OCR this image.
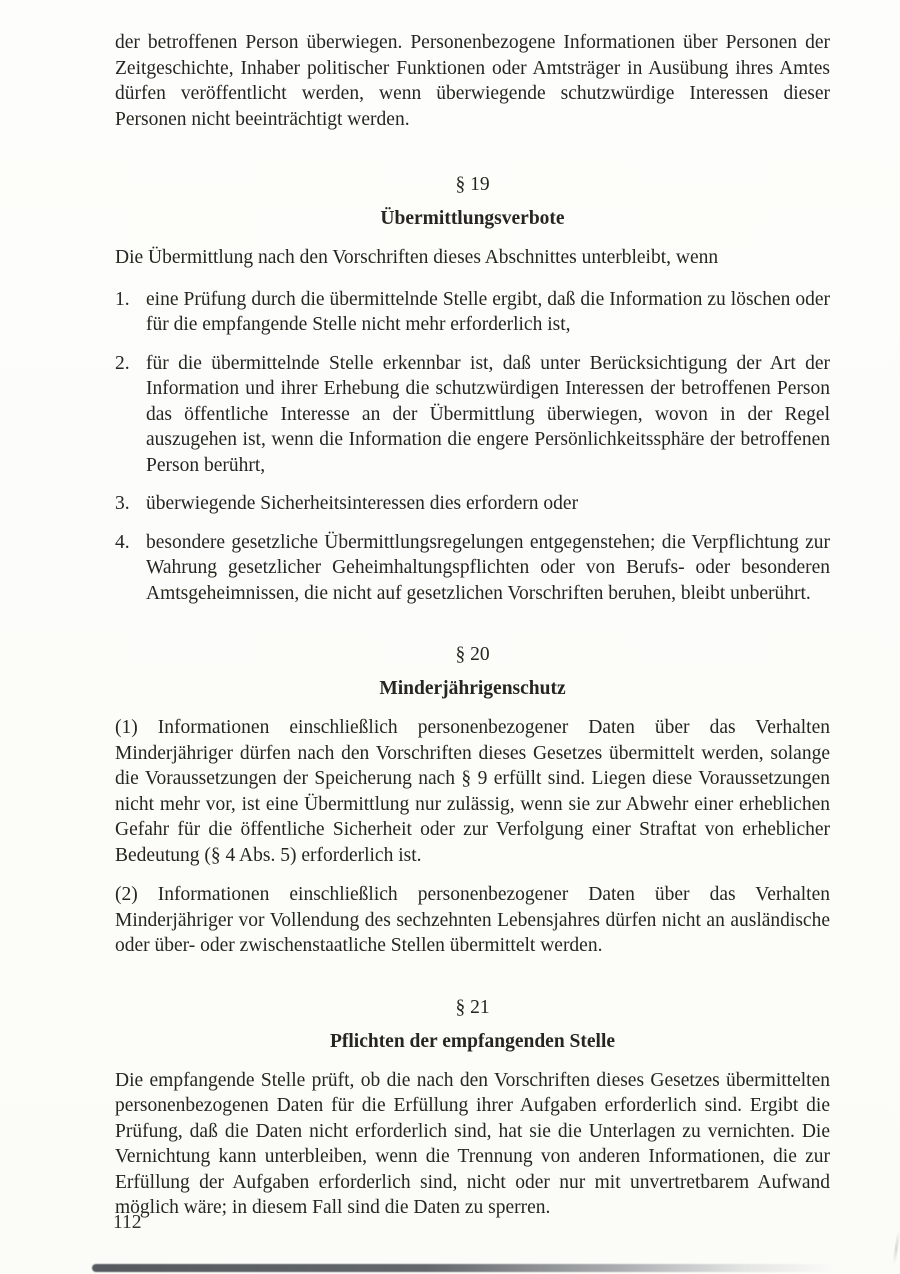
der betroffenen Person überwiegen. Personenbezogene Informationen über Personen der Zeitgeschichte, Inhaber politischer Funktionen oder Amtsträger in Ausübung ihres Amtes dürfen veröffentlicht werden, wenn überwiegende schutzwürdige Interessen dieser Personen nicht beeinträchtigt werden.

§ 19
Übermittlungsverbote

Die Übermittlung nach den Vorschriften dieses Abschnittes unterbleibt, wenn

1. eine Prüfung durch die übermittelnde Stelle ergibt, daß die Information zu löschen oder für die empfangende Stelle nicht mehr erforderlich ist,
2. für die übermittelnde Stelle erkennbar ist, daß unter Berücksichtigung der Art der Information und ihrer Erhebung die schutzwürdigen Interessen der betroffenen Person das öffentliche Interesse an der Übermittlung überwiegen, wovon in der Regel auszugehen ist, wenn die Information die engere Persönlichkeitssphäre der betroffenen Person berührt,
3. überwiegende Sicherheitsinteressen dies erfordern oder
4. besondere gesetzliche Übermittlungsregelungen entgegenstehen; die Verpflichtung zur Wahrung gesetzlicher Geheimhaltungspflichten oder von Berufs- oder besonderen Amtsgeheimnissen, die nicht auf gesetzlichen Vorschriften beruhen, bleibt unberührt.
§ 20
Minderjährigenschutz

(1) Informationen einschließlich personenbezogener Daten über das Verhalten Minderjähriger dürfen nach den Vorschriften dieses Gesetzes übermittelt werden, solange die Voraussetzungen der Speicherung nach § 9 erfüllt sind. Liegen diese Voraussetzungen nicht mehr vor, ist eine Übermittlung nur zulässig, wenn sie zur Abwehr einer erheblichen Gefahr für die öffentliche Sicherheit oder zur Verfolgung einer Straftat von erheblicher Bedeutung (§ 4 Abs. 5) erforderlich ist.

(2) Informationen einschließlich personenbezogener Daten über das Verhalten Minderjähriger vor Vollendung des sechzehnten Lebensjahres dürfen nicht an ausländische oder über- oder zwischenstaatliche Stellen übermittelt werden.

§ 21
Pflichten der empfangenden Stelle

Die empfangende Stelle prüft, ob die nach den Vorschriften dieses Gesetzes übermittelten personenbezogenen Daten für die Erfüllung ihrer Aufgaben erforderlich sind. Ergibt die Prüfung, daß die Daten nicht erforderlich sind, hat sie die Unterlagen zu vernichten. Die Vernichtung kann unterbleiben, wenn die Trennung von anderen Informationen, die zur Erfüllung der Aufgaben erforderlich sind, nicht oder nur mit unvertretbarem Aufwand möglich wäre; in diesem Fall sind die Daten zu sperren.

112
